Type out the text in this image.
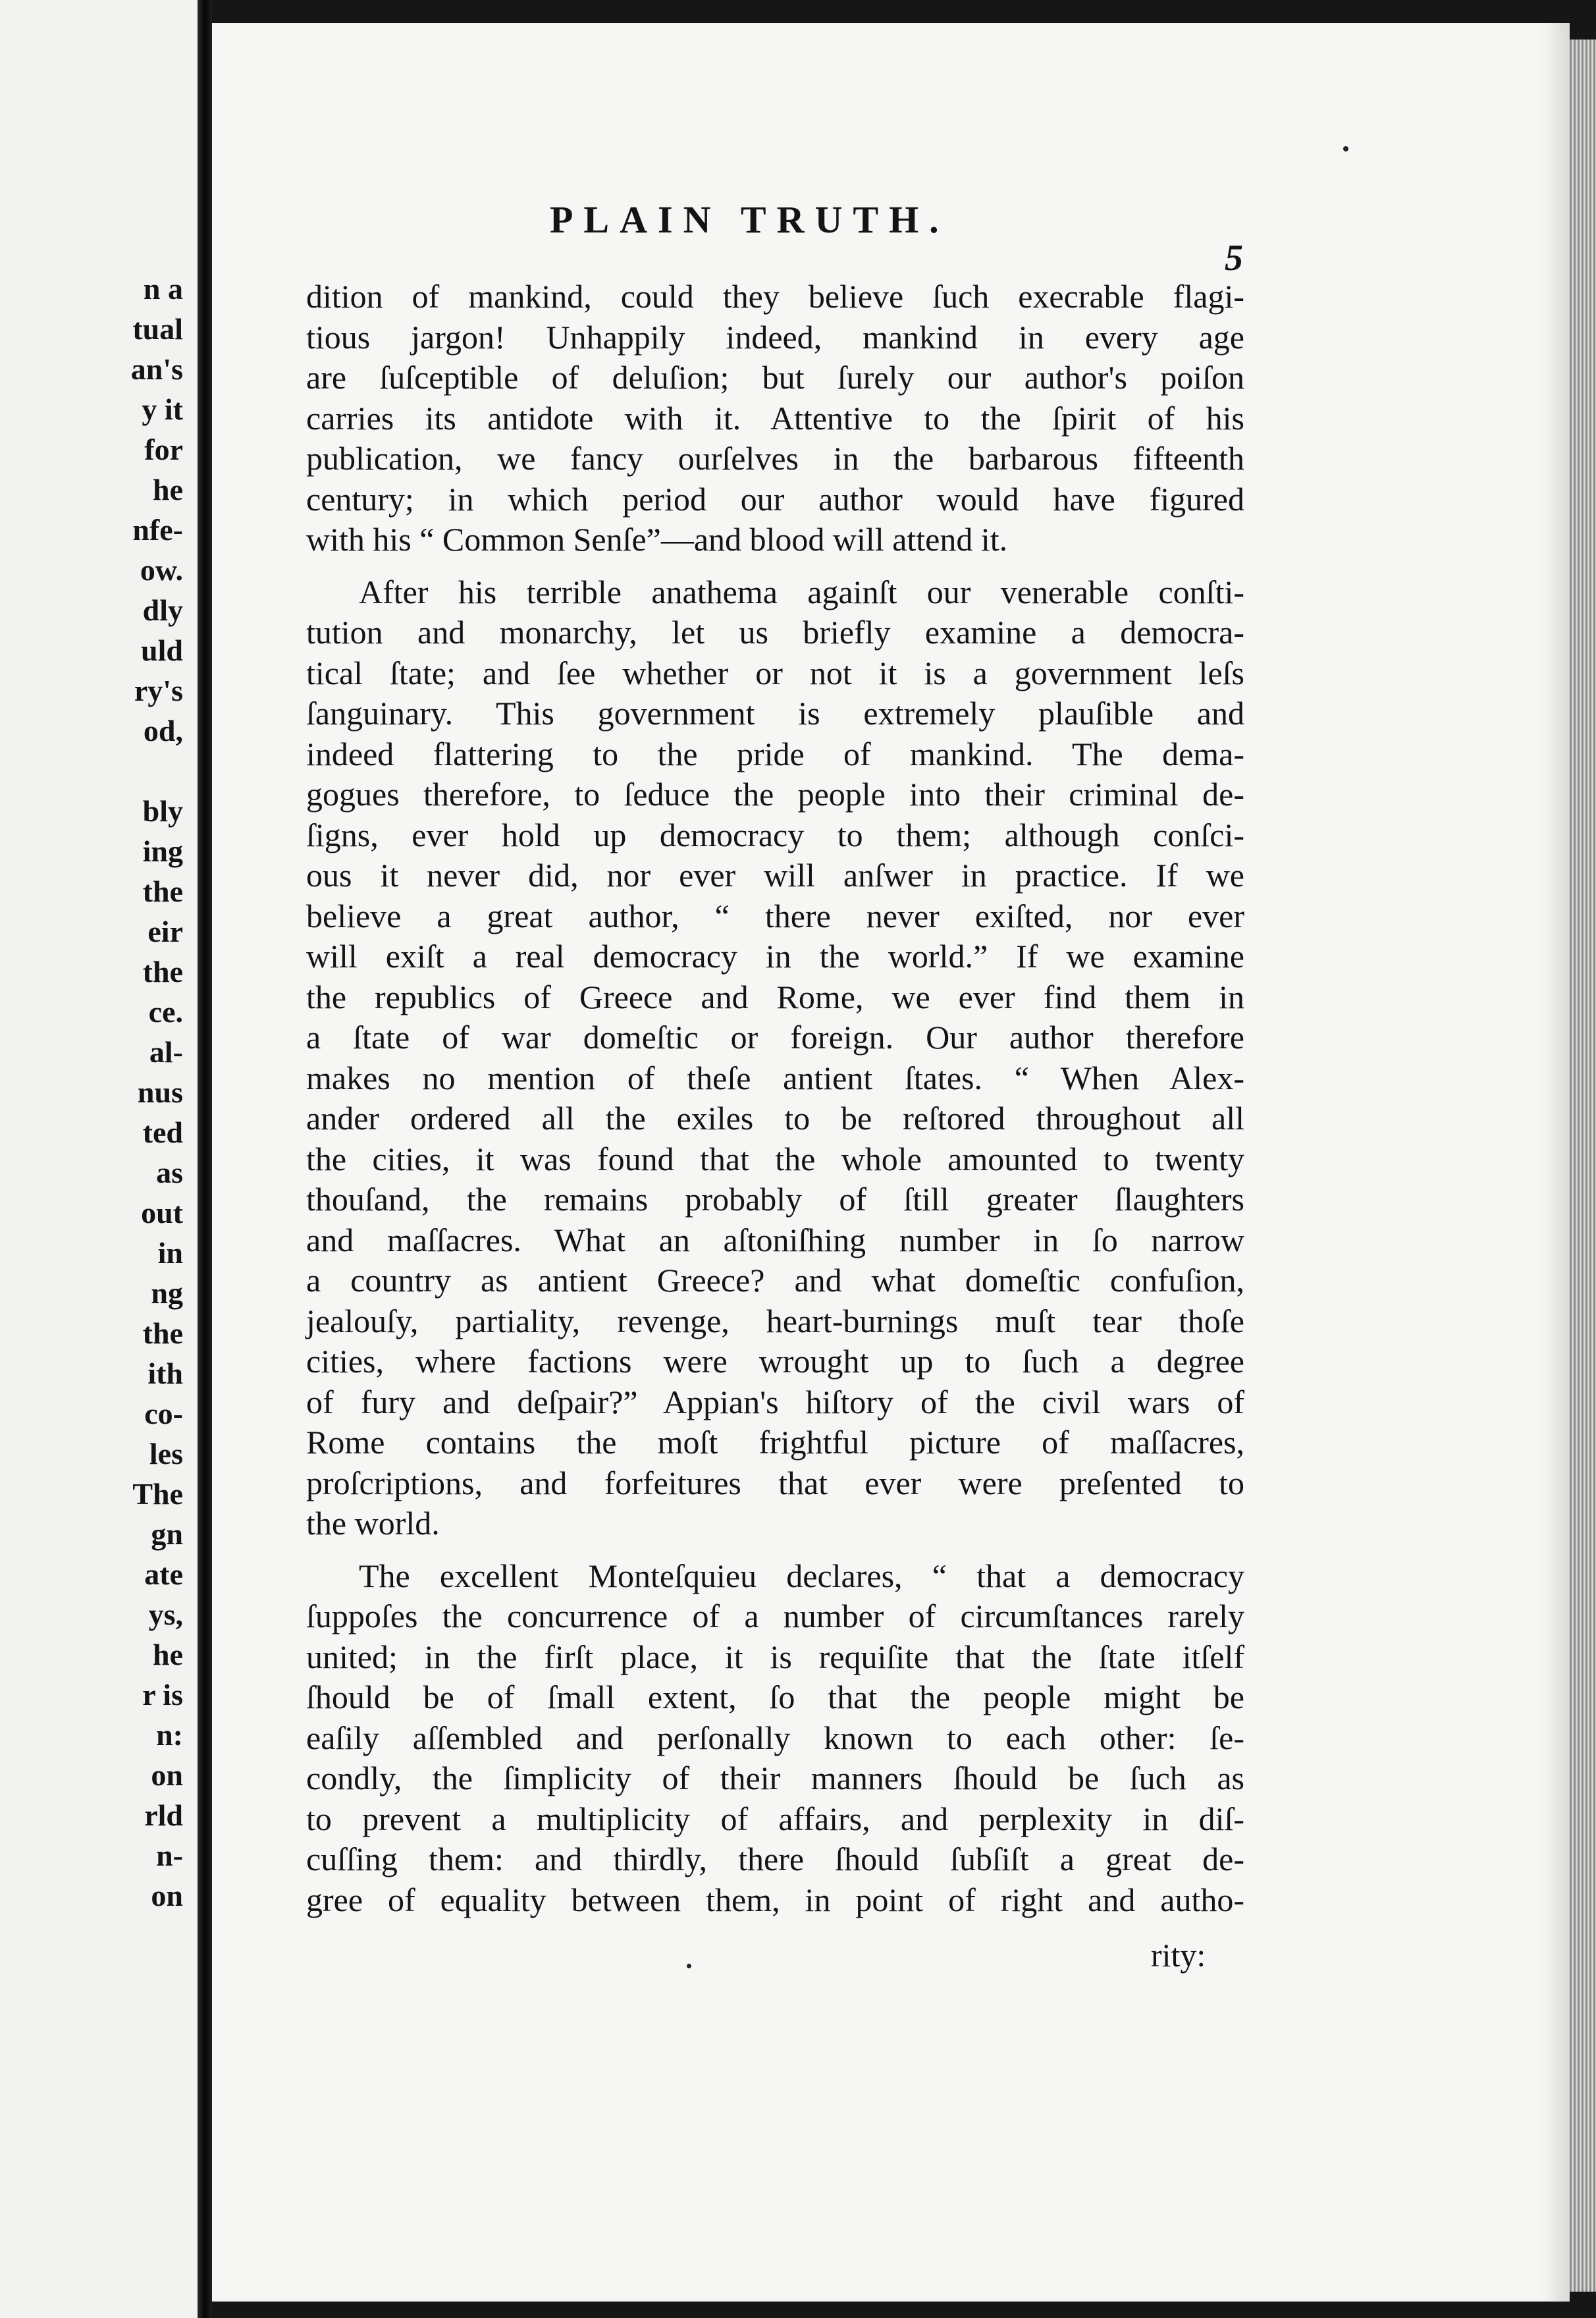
n a
tual
an's
y it
for
he
nfe-
ow.
dly
uld
ry's
od,
bly
ing
the
eir
the
ce.
al-
nus
ted
as
out
in
ng
the
ith
co-
les
The
gn
ate
ys,
he
r is
n:
on
rld
n-
on
PLAIN TRUTH.
5
dition of mankind, could they believe ſuch execrable flagi-
tious jargon! Unhappily indeed, mankind in every age
are ſuſceptible of deluſion; but ſurely our author's poiſon
carries its antidote with it. Attentive to the ſpirit of his
publication, we fancy ourſelves in the barbarous fifteenth
century; in which period our author would have figured
with his “ Common Senſe”—and blood will attend it.
After his terrible anathema againſt our venerable conſti-
tution and monarchy, let us briefly examine a democra-
tical ſtate; and ſee whether or not it is a government leſs
ſanguinary. This government is extremely plauſible and
indeed flattering to the pride of mankind. The dema-
gogues therefore, to ſeduce the people into their criminal de-
ſigns, ever hold up democracy to them; although conſci-
ous it never did, nor ever will anſwer in practice. If we
believe a great author, “ there never exiſted, nor ever
will exiſt a real democracy in the world.” If we examine
the republics of Greece and Rome, we ever find them in
a ſtate of war domeſtic or foreign. Our author therefore
makes no mention of theſe antient ſtates. “ When Alex-
ander ordered all the exiles to be reſtored throughout all
the cities, it was found that the whole amounted to twenty
thouſand, the remains probably of ſtill greater ſlaughters
and maſſacres. What an aſtoniſhing number in ſo narrow
a country as antient Greece? and what domeſtic confuſion,
jealouſy, partiality, revenge, heart-burnings muſt tear thoſe
cities, where factions were wrought up to ſuch a degree
of fury and deſpair?” Appian's hiſtory of the civil wars of
Rome contains the moſt frightful picture of maſſacres,
proſcriptions, and forfeitures that ever were preſented to
the world.
The excellent Monteſquieu declares, “ that a democracy
ſuppoſes the concurrence of a number of circumſtances rarely
united; in the firſt place, it is requiſite that the ſtate itſelf
ſhould be of ſmall extent, ſo that the people might be
eaſily aſſembled and perſonally known to each other: ſe-
condly, the ſimplicity of their manners ſhould be ſuch as
to prevent a multiplicity of affairs, and perplexity in diſ-
cuſſing them: and thirdly, there ſhould ſubſiſt a great de-
gree of equality between them, in point of right and autho-
rity:
